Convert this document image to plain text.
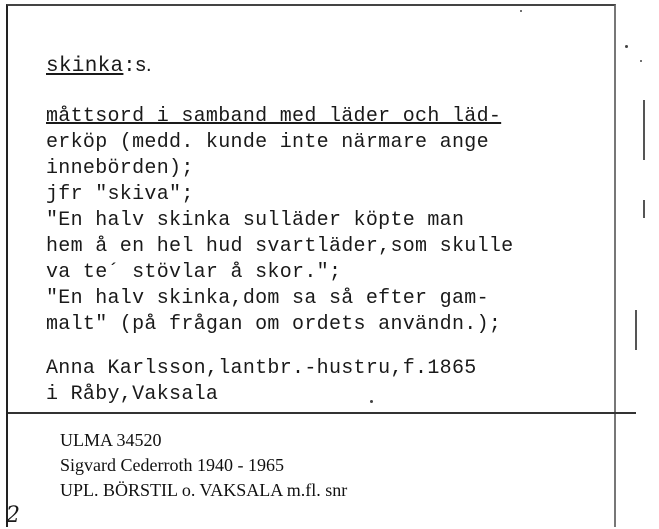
skinka:s.
måttsord i samband med läder och läd-
erköp (medd. kunde inte närmare ange
innebörden);
jfr "skiva";
"En halv skinka sulläder köpte man
hem å en hel hud svartläder,som skulle
va te´ stövlar å skor.";
"En halv skinka,dom sa så efter gam-
malt" (på frågan om ordets användn.);
Anna Karlsson,lantbr.-hustru,f.1865
i Råby,Vaksala
ULMA 34520
Sigvard Cederroth 1940 - 1965
UPL. BÖRSTIL o. VAKSALA m.fl. snr
2
